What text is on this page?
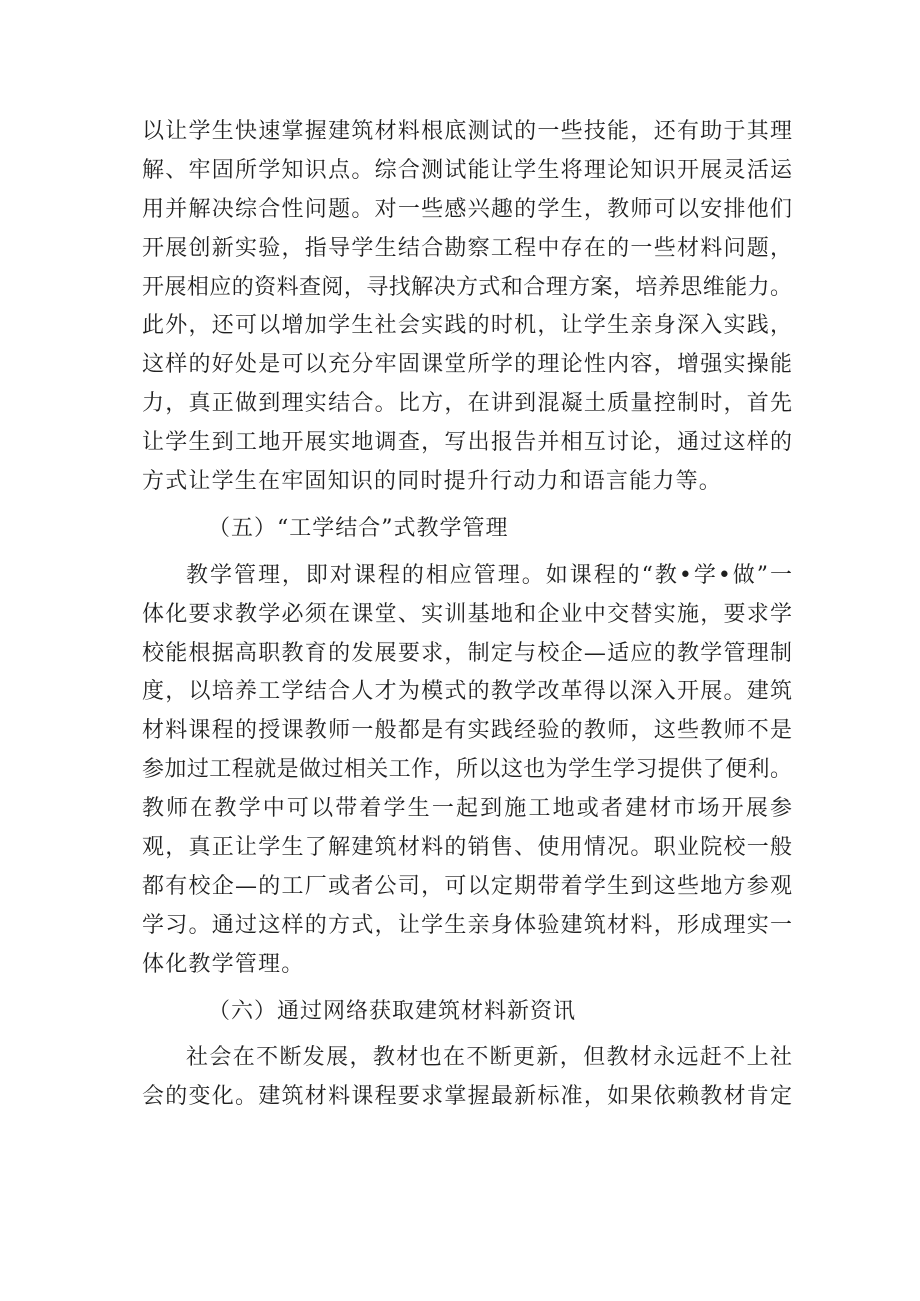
以让学生快速掌握建筑材料根底测试的一些技能，还有助于其理
解、牢固所学知识点。综合测试能让学生将理论知识开展灵活运
用并解决综合性问题。对一些感兴趣的学生，教师可以安排他们
开展创新实验，指导学生结合勘察工程中存在的一些材料问题，
开展相应的资料查阅，寻找解决方式和合理方案，培养思维能力。
此外，还可以增加学生社会实践的时机，让学生亲身深入实践，
这样的好处是可以充分牢固课堂所学的理论性内容，增强实操能
力，真正做到理实结合。比方，在讲到混凝土质量控制时，首先
让学生到工地开展实地调查，写出报告并相互讨论，通过这样的
方式让学生在牢固知识的同时提升行动力和语言能力等。
（五）“工学结合”式教学管理
教学管理，即对课程的相应管理。如课程的“教•学•做”一
体化要求教学必须在课堂、实训基地和企业中交替实施，要求学
校能根据高职教育的发展要求，制定与校企—适应的教学管理制
度，以培养工学结合人才为模式的教学改革得以深入开展。建筑
材料课程的授课教师一般都是有实践经验的教师，这些教师不是
参加过工程就是做过相关工作，所以这也为学生学习提供了便利。
教师在教学中可以带着学生一起到施工地或者建材市场开展参
观，真正让学生了解建筑材料的销售、使用情况。职业院校一般
都有校企—的工厂或者公司，可以定期带着学生到这些地方参观
学习。通过这样的方式，让学生亲身体验建筑材料，形成理实一
体化教学管理。
（六）通过网络获取建筑材料新资讯
社会在不断发展，教材也在不断更新，但教材永远赶不上社
会的变化。建筑材料课程要求掌握最新标准，如果依赖教材肯定
